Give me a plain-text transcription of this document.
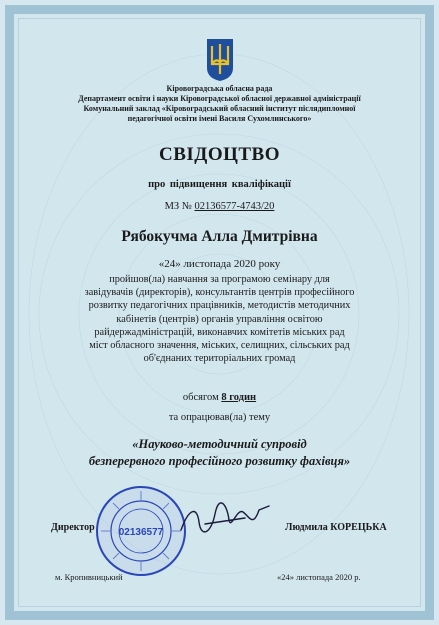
Кіровоградська обласна рада
Департамент освіти і науки Кіровоградської обласної державної адміністрації
Комунальний заклад «Кіровоградський обласний інститут післядипломної
педагогічної освіти імені Василя Сухомлинського»
СВІДОЦТВО
про підвищення кваліфікації
МЗ № 02136577-4743/20
Рябокучма Алла Дмитрівна
«24» листопада 2020 року
пройшов(ла) навчання за програмою семінару для
завідувачів (директорів), консультантів центрів професійного
розвитку педагогічних працівників, методистів методичних
кабінетів (центрів) органів управління освітою
райдержадміністрацій, виконавчих комітетів міських рад
міст обласного значення, міських, селищних, сільських рад
об'єднаних територіальних громад
обсягом 8 годин
та опрацював(ла) тему
«Науково-методичний супровід
безперервного професійного розвитку фахівця»
Директор	Людмила КОРЕЦЬКА
02136577
м. Кропивницький	«24» листопада 2020 р.
